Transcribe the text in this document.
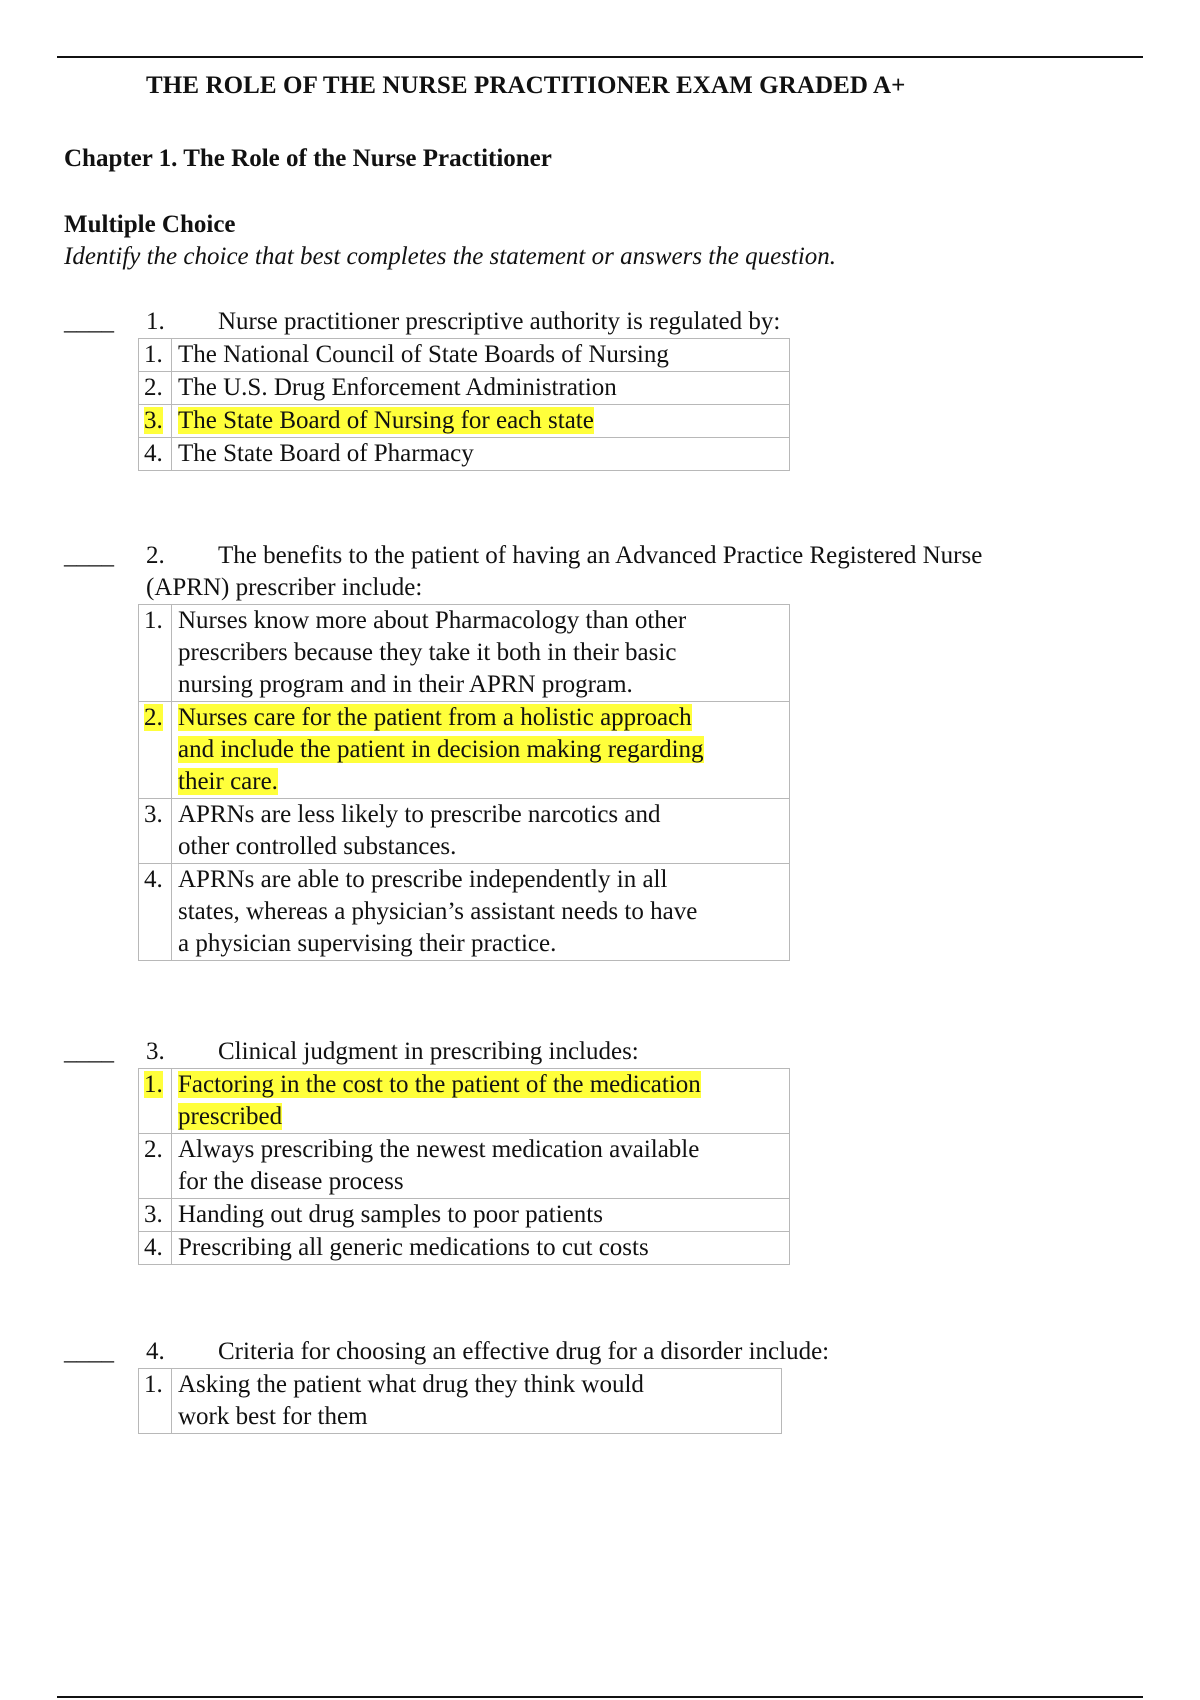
THE ROLE OF THE NURSE PRACTITIONER EXAM GRADED A+
Chapter 1. The Role of the Nurse Practitioner
Multiple Choice
Identify the choice that best completes the statement or answers the question.
____ 1. Nurse practitioner prescriptive authority is regulated by:
1.	The National Council of State Boards of Nursing
2.	The U.S. Drug Enforcement Administration
3.	The State Board of Nursing for each state
4.	The State Board of Pharmacy
____ 2. The benefits to the patient of having an Advanced Practice Registered Nurse
(APRN) prescriber include:
1.	Nurses know more about Pharmacology than other
prescribers because they take it both in their basic
nursing program and in their APRN program.

2.	Nurses care for the patient from a holistic approach
and include the patient in decision making regarding
their care.

3.	APRNs are less likely to prescribe narcotics and
other controlled substances.

4.	APRNs are able to prescribe independently in all
states, whereas a physician’s assistant needs to have
a physician supervising their practice.
____ 3. Clinical judgment in prescribing includes:
1.	Factoring in the cost to the patient of the medication
prescribed

2.	Always prescribing the newest medication available
for the disease process

3.	Handing out drug samples to poor patients

4.	Prescribing all generic medications to cut costs
____ 4. Criteria for choosing an effective drug for a disorder include:
1.	Asking the patient what drug they think would
work best for them
